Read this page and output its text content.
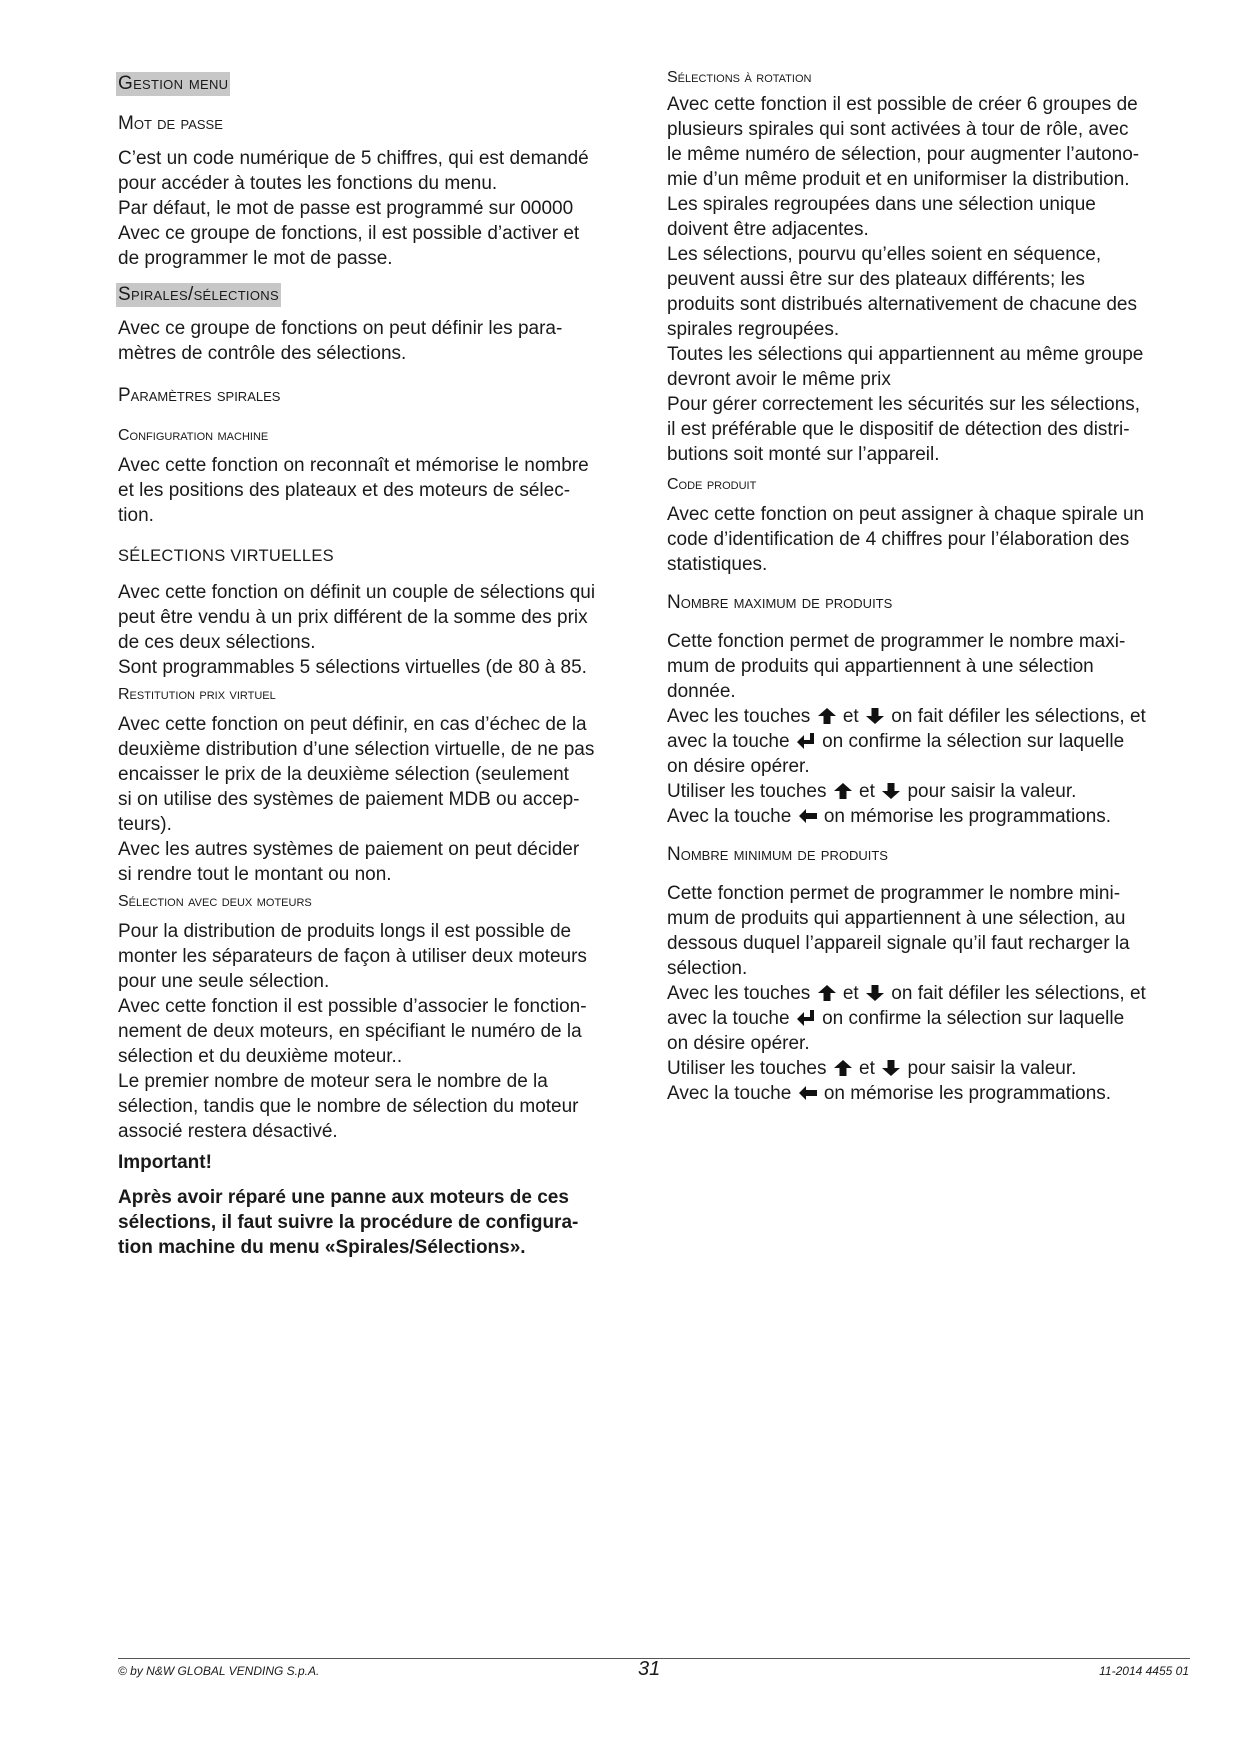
Gestion menu
Mot de passe

C’est un code numérique de 5 chiffres, qui est demandé

pour accéder à toutes les fonctions du menu.

Par défaut, le mot de passe est programmé sur 00000

Avec ce groupe de fonctions, il est possible d’activer et

de programmer le mot de passe.

Spirales/sélections

Avec ce groupe de fonctions on peut définir les para-

mètres de contrôle des sélections.

Paramètres spirales
Configuration machine

Avec cette fonction on reconnaît et mémorise le nombre

et les positions des plateaux et des moteurs de sélec-

tion.

SÉLECTIONS VIRTUELLES

Avec cette fonction on définit un couple de sélections qui

peut être vendu à un prix différent de la somme des prix

de ces deux sélections.

Sont programmables 5 sélections virtuelles (de 80 à 85.

Restitution prix virtuel

Avec cette fonction on peut définir, en cas d’échec de la

deuxième distribution d’une sélection virtuelle, de ne pas

encaisser le prix de la deuxième sélection (seulement

si on utilise des systèmes de paiement MDB ou accep-

teurs).

Avec les autres systèmes de paiement on peut décider

si rendre tout le montant ou non.

Sélection avec deux moteurs

Pour la distribution de produits longs il est possible de

monter les séparateurs de façon à utiliser deux moteurs

pour une seule sélection.

Avec cette fonction il est possible d’associer le fonction-

nement de deux moteurs, en spécifiant le numéro de la

sélection et du deuxième moteur..

Le premier nombre de moteur sera le nombre de la

sélection, tandis que le nombre de sélection du moteur

associé restera désactivé.

Important!

Après avoir réparé une panne aux moteurs de ces

sélections, il faut suivre la procédure de configura-

tion machine du menu «Spirales/Sélections».

Sélections à rotation

Avec cette fonction il est possible de créer 6 groupes de

plusieurs spirales qui sont activées à tour de rôle, avec

le même numéro de sélection, pour augmenter l’autono-

mie d’un même produit et en uniformiser la distribution.

Les spirales regroupées dans une sélection unique

doivent être adjacentes.

Les sélections, pourvu qu’elles soient en séquence,

peuvent aussi être sur des plateaux différents; les

produits sont distribués alternativement de chacune des

spirales regroupées.

Toutes les sélections qui appartiennent au même groupe

devront avoir le même prix

Pour gérer correctement les sécurités sur les sélections,

il est préférable que le dispositif de détection des distri-

butions soit monté sur l’appareil.

Code produit

Avec cette fonction on peut assigner à chaque spirale un

code d’identification de 4 chiffres pour l’élaboration des

statistiques.

Nombre maximum de produits

Cette fonction permet de programmer le nombre maxi-

mum de produits qui appartiennent à une sélection

donnée.

Avec les touches et on fait défiler les sélections, et

avec la touche on confirme la sélection sur laquelle

on désire opérer.

Utiliser les touches et pour saisir la valeur.

Avec la touche on mémorise les programmations.

Nombre minimum de produits

Cette fonction permet de programmer le nombre mini-

mum de produits qui appartiennent à une sélection, au

dessous duquel l’appareil signale qu’il faut recharger la

sélection.

Avec les touches et on fait défiler les sélections, et

avec la touche on confirme la sélection sur laquelle

on désire opérer.

Utiliser les touches et pour saisir la valeur.

Avec la touche on mémorise les programmations.

© by N&W GLOBAL VENDING S.p.A.	31	11-2014 4455 01
